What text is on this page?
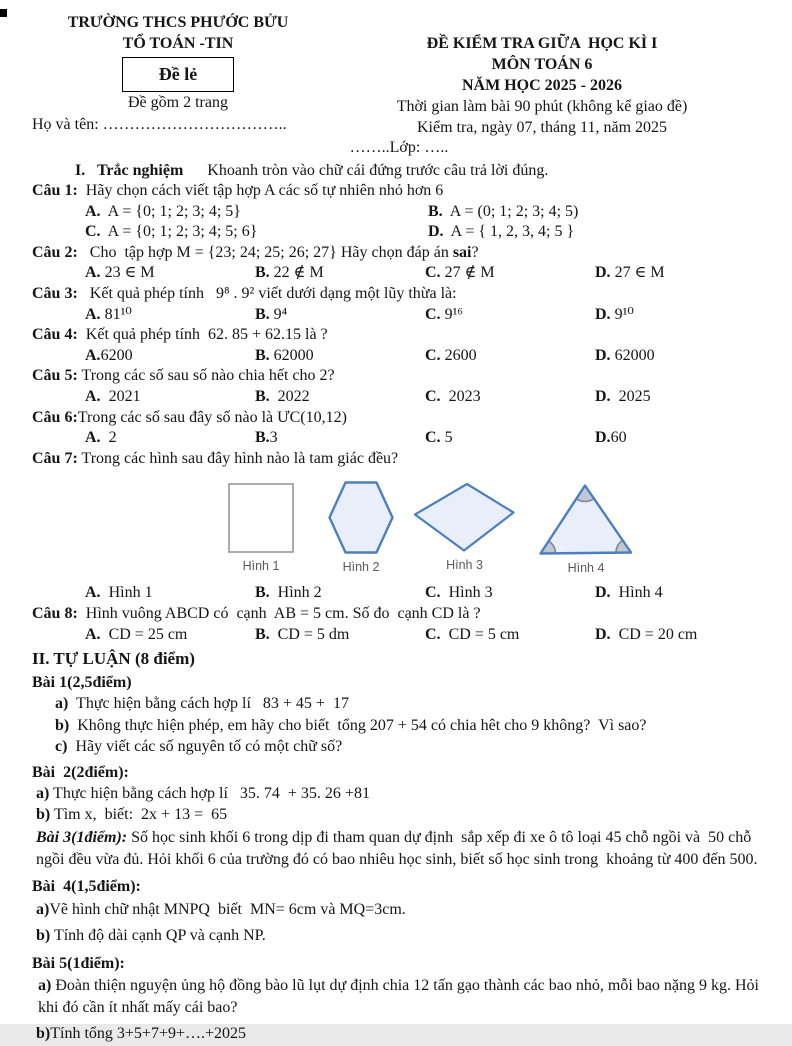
TRƯỜNG THCS PHƯỚC BỬU
TỔ TOÁN -TIN
Đề lẻ
Đề gồm 2 trang
Họ và tên: ……………………………..
ĐỀ KIỂM TRA GIỮA  HỌC KÌ I
MÔN TOÁN 6
NĂM HỌC 2025 - 2026
Thời gian làm bài 90 phút (không kể giao đề)
Kiểm tra, ngày 07, tháng 11, năm 2025
……..Lớp: …..
I.   Trắc nghiệm      Khoanh tròn vào chữ cái đứng trước câu trả lời đúng.
Câu 1:  Hãy chọn cách viết tập hợp A các số tự nhiên nhỏ hơn 6
A.  A = {0; 1; 2; 3; 4; 5}	B.  A = (0; 1; 2; 3; 4; 5)
C.  A = {0; 1; 2; 3; 4; 5; 6}	D.  A = { 1, 2, 3, 4; 5 }
Câu 2:   Cho  tập hợp M = {23; 24; 25; 26; 27} Hãy chọn đáp án sai?
A. 23 ∈ M	B. 22 ∉ M	C. 27 ∉ M	D. 27 ∈ M
Câu 3:   Kết quả phép tính   9⁸ . 9² viết dưới dạng một lũy thừa là:
A. 81¹⁰	B. 9⁴	C. 9¹⁶	D. 9¹⁰
Câu 4:  Kết quả phép tính  62. 85 + 62.15 là ?
A.6200	B. 62000	C. 2600	D. 62000
Câu 5: Trong các số sau số nào chia hết cho 2?
A.  2021	B.  2022	C.  2023	D.  2025
Câu 6:Trong các số sau đây số nào là ƯC(10,12)
A.  2	B.3	C. 5	D.60
Câu 7: Trong các hình sau đây hình nào là tam giác đều?
Hình 1	Hình 2	Hình 3	Hình 4
A.  Hình 1	B.  Hình 2	C.  Hình 3	D.  Hình 4
Câu 8:  Hình vuông ABCD có  cạnh  AB = 5 cm. Số đo  cạnh CD là ?
A.  CD = 25 cm	B.  CD = 5 dm	C.  CD = 5 cm	D.  CD = 20 cm
II. TỰ LUẬN (8 điểm)
Bài 1(2,5điểm)
a)  Thực hiện bằng cách hợp lí   83 + 45 +  17
b)  Không thực hiện phép, em hãy cho biết  tổng 207 + 54 có chia hêt cho 9 không?  Vì sao?
c)  Hãy viết các số nguyên tố có một chữ số?
Bài  2(2điểm):
a) Thực hiện bằng cách hợp lí   35. 74  + 35. 26 +81
b) Tìm x,  biết:  2x + 13 =  65
Bài 3(1điểm): Số học sinh khối 6 trong dịp đi tham quan dự định  sắp xếp đi xe ô tô loại 45 chỗ ngồi và  50 chỗ ngồi đều vừa đủ. Hỏi khối 6 của trường đó có bao nhiêu học sinh, biết số học sinh trong  khoảng từ 400 đến 500.
Bài  4(1,5điểm):
a)Vẽ hình chữ nhật MNPQ  biết  MN= 6cm và MQ=3cm.
b) Tính độ dài cạnh QP và cạnh NP.
Bài 5(1điểm):
a) Đoàn thiện nguyện ủng hộ đồng bào lũ lụt dự định chia 12 tấn gạo thành các bao nhỏ, mỗi bao nặng 9 kg. Hỏi khi đó cần ít nhất mấy cái bao?
b)Tính tổng 3+5+7+9+….+2025
